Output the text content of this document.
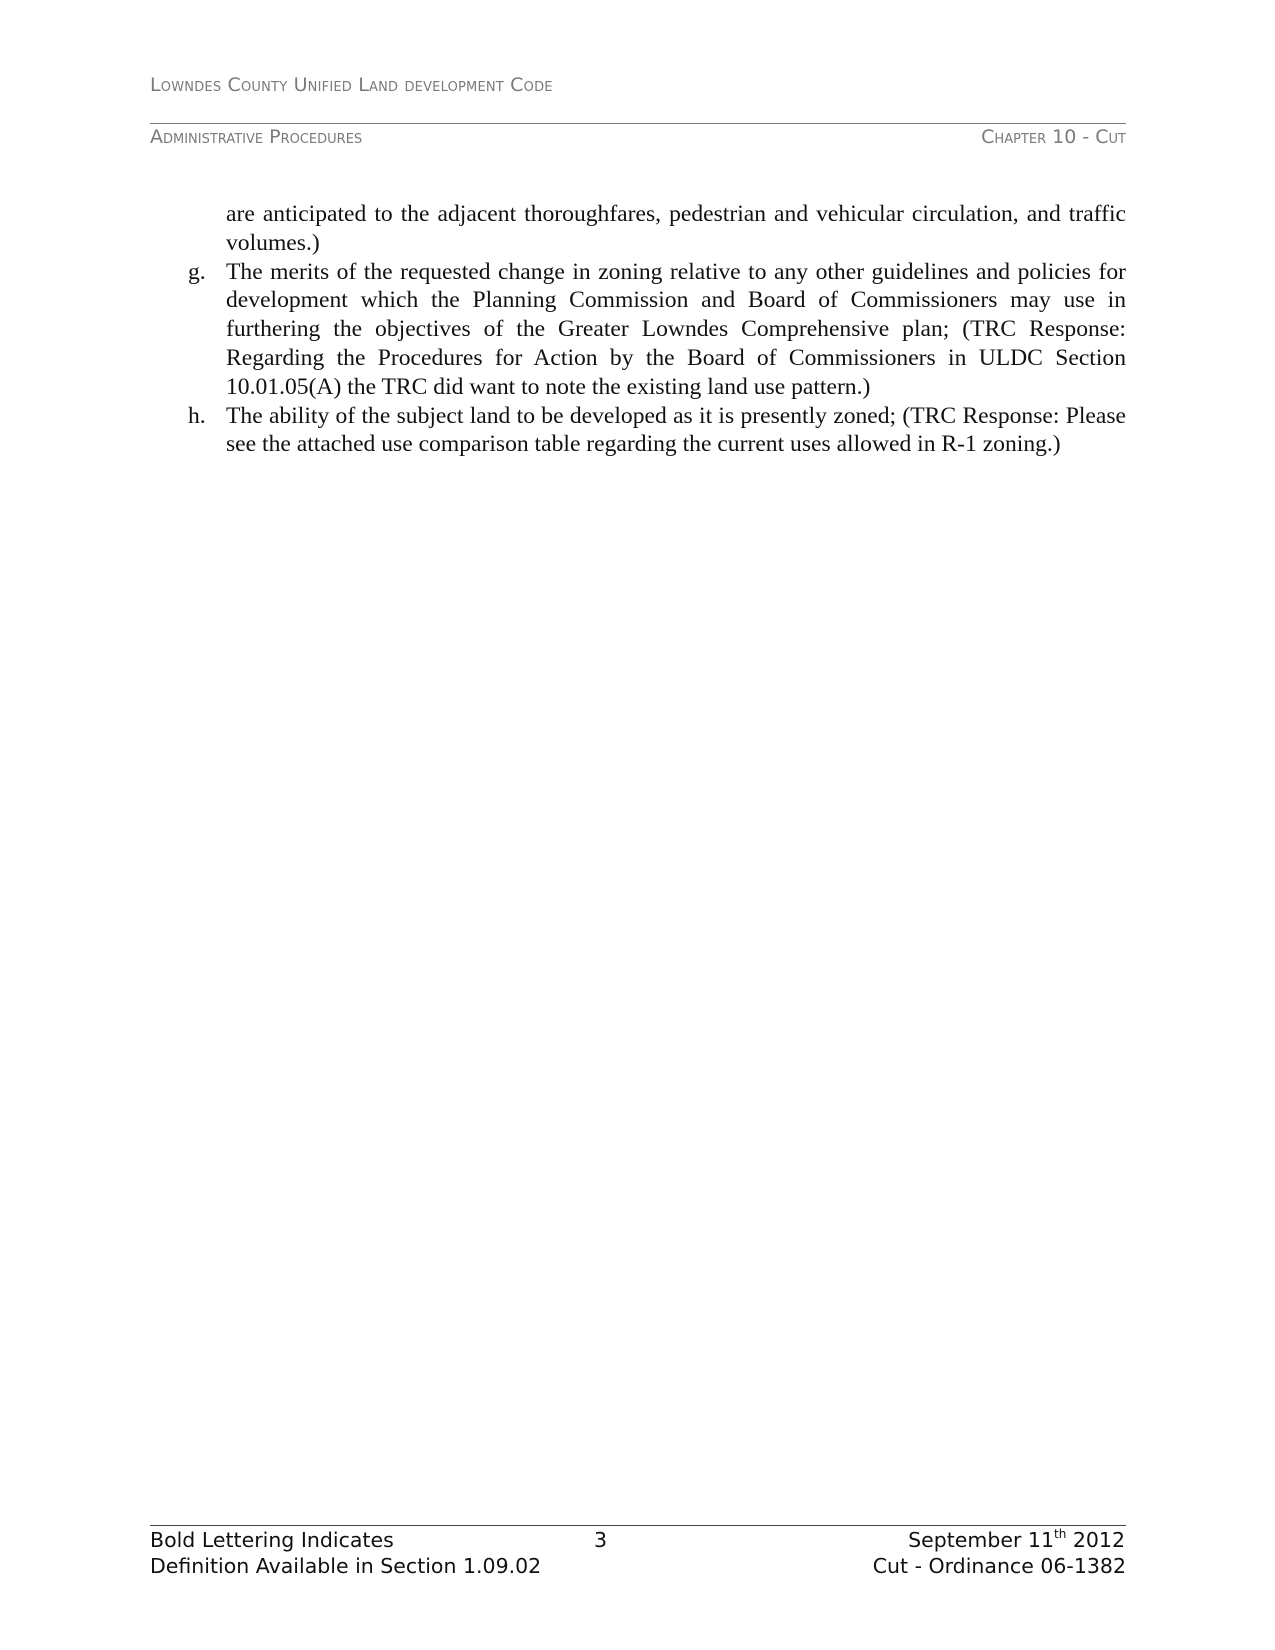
Lowndes County Unified Land development Code
Administrative Procedures	Chapter 10 - Cut
are anticipated to the adjacent thoroughfares, pedestrian and vehicular circulation, and traffic volumes.)
g. The merits of the requested change in zoning relative to any other guidelines and policies for development which the Planning Commission and Board of Commissioners may use in furthering the objectives of the Greater Lowndes Comprehensive plan; (TRC Response: Regarding the Procedures for Action by the Board of Commissioners in ULDC Section 10.01.05(A) the TRC did want to note the existing land use pattern.)
h. The ability of the subject land to be developed as it is presently zoned; (TRC Response: Please see the attached use comparison table regarding the current uses allowed in R-1 zoning.)
Bold Lettering Indicates
Definition Available in Section 1.09.02
3	September 11th 2012
Cut - Ordinance 06-1382
